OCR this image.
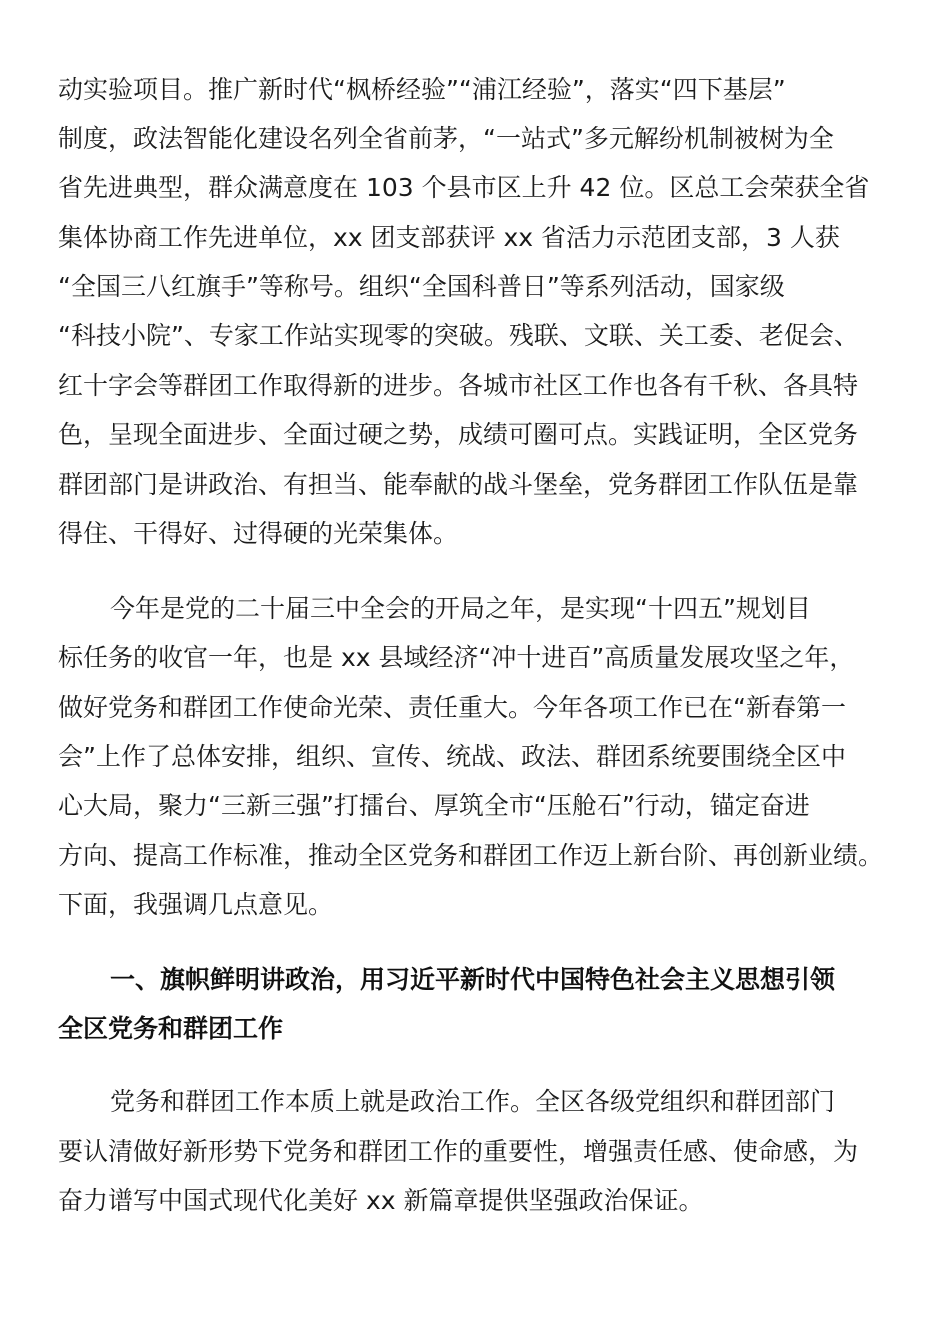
动实验项目。推广新时代“枫桥经验”“浦江经验”，落实“四下基层”
制度，政法智能化建设名列全省前茅，“一站式”多元解纷机制被树为全
省先进典型，群众满意度在 103 个县市区上升 42 位。区总工会荣获全省
集体协商工作先进单位，xx 团支部获评 xx 省活力示范团支部，3 人获
“全国三八红旗手”等称号。组织“全国科普日”等系列活动，国家级
“科技小院”、专家工作站实现零的突破。残联、文联、关工委、老促会、
红十字会等群团工作取得新的进步。各城市社区工作也各有千秋、各具特
色，呈现全面进步、全面过硬之势，成绩可圈可点。实践证明，全区党务
群团部门是讲政治、有担当、能奉献的战斗堡垒，党务群团工作队伍是靠
得住、干得好、过得硬的光荣集体。
今年是党的二十届三中全会的开局之年，是实现“十四五”规划目
标任务的收官一年，也是 xx 县域经济“冲十进百”高质量发展攻坚之年，
做好党务和群团工作使命光荣、责任重大。今年各项工作已在“新春第一
会”上作了总体安排，组织、宣传、统战、政法、群团系统要围绕全区中
心大局，聚力“三新三强”打擂台、厚筑全市“压舱石”行动，锚定奋进
方向、提高工作标准，推动全区党务和群团工作迈上新台阶、再创新业绩。
下面，我强调几点意见。
一、旗帜鲜明讲政治，用习近平新时代中国特色社会主义思想引领
全区党务和群团工作
党务和群团工作本质上就是政治工作。全区各级党组织和群团部门
要认清做好新形势下党务和群团工作的重要性，增强责任感、使命感，为
奋力谱写中国式现代化美好 xx 新篇章提供坚强政治保证。
